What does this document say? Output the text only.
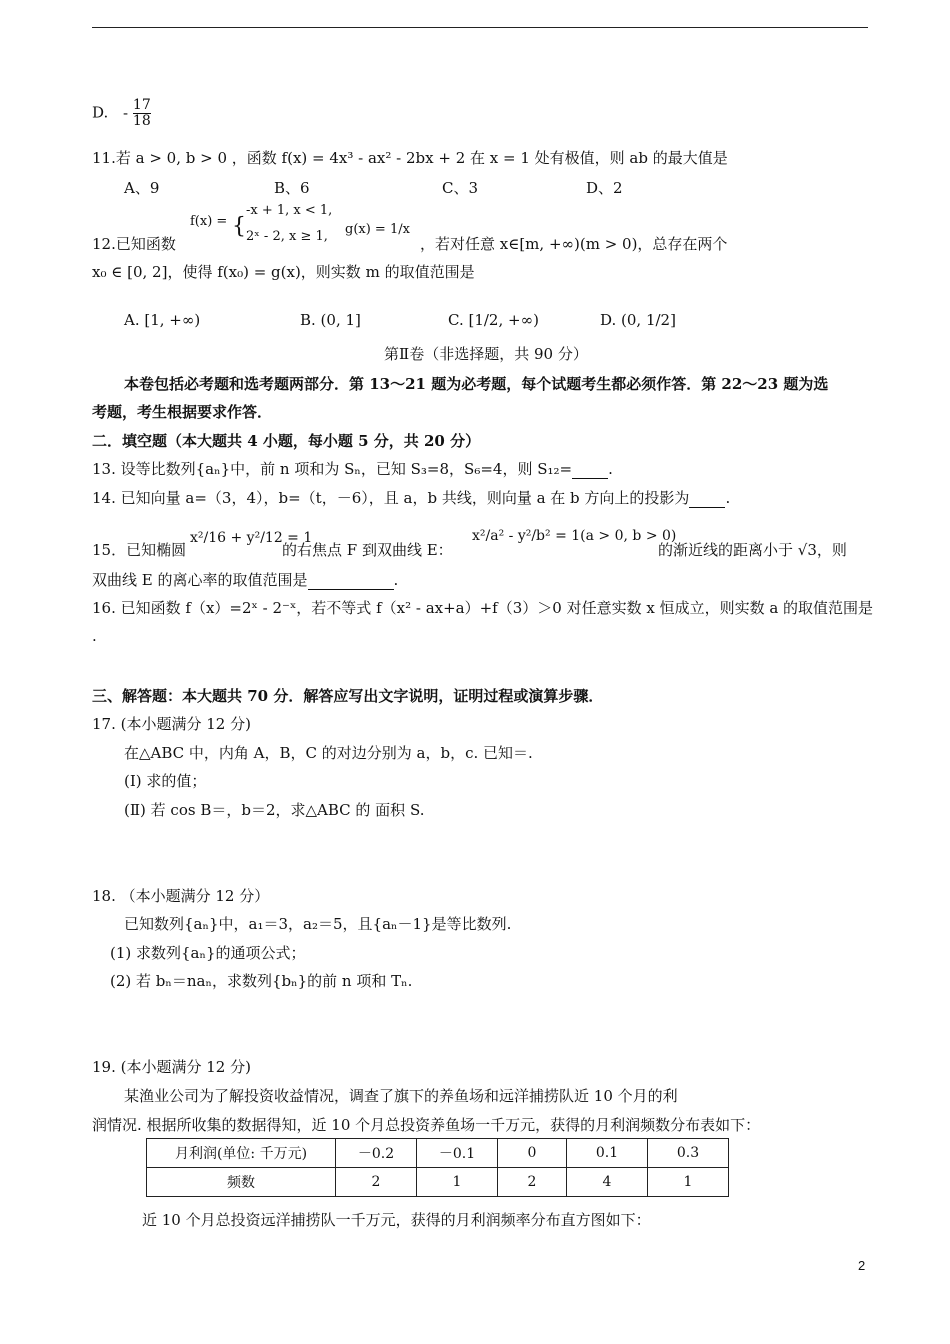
D. - $\frac{17}{18}$
11.若 a > 0, b > 0 ，函数 f(x) = 4x³ - ax² - 2bx + 2 在 x = 1 处有极值，则 ab 的最大值是
A、9	B、6	C、3	D、2
f(x) = {
-x + 1, x < 1,
2ˣ - 2, x ≥ 1,
12.已知函数
g(x) = 1/x
，若对任意 x∈[m, +∞)(m > 0)，总存在两个
x₀ ∈ [0, 2]，使得 f(x₀) = g(x)，则实数 m 的取值范围是
A. [1, +∞)	B. (0, 1]	C. [1/2, +∞)	D. (0, 1/2]
第Ⅱ卷（非选择题，共 90 分）
本卷包括必考题和选考题两部分．第 13～21 题为必考题，每个试题考生都必须作答．第 22～23 题为选
考题，考生根据要求作答．
二．填空题（本大题共 4 小题，每小题 5 分，共 20 分）
13. 设等比数列{aₙ}中，前 n 项和为 Sₙ，已知 S₃=8，S₆=4，则 S₁₂= .
14. 已知向量 a=（3，4），b=（t，－6），且 a，b 共线，则向量 a 在 b 方向上的投影为 .
15．已知椭圆
x²/16 + y²/12 = 1
的右焦点 F 到双曲线 E：
x²/a² - y²/b² = 1(a > 0, b > 0)
的渐近线的距离小于 √3，则
双曲线 E 的离心率的取值范围是	.
16. 已知函数 f（x）=2ˣ - 2⁻ˣ，若不等式 f（x² - ax+a）+f（3）＞0 对任意实数 x 恒成立，则实数 a 的取值范围是
.
三、解答题：本大题共 70 分．解答应写出文字说明，证明过程或演算步骤．
17. (本小题满分 12 分)
在△ABC 中，内角 A，B，C 的对边分别为 a，b，c. 已知＝.
(Ⅰ) 求的值；
(Ⅱ) 若 cos B＝，b＝2，求△ABC 的 面积 S.
18. （本小题满分 12 分）
已知数列{aₙ}中，a₁＝3，a₂＝5，且{aₙ－1}是等比数列.
(1) 求数列{aₙ}的通项公式；
(2) 若 bₙ＝naₙ，求数列{bₙ}的前 n 项和 Tₙ.
19. (本小题满分 12 分)
某渔业公司为了解投资收益情况，调查了旗下的养鱼场和远洋捕捞队近 10 个月的利
润情况. 根据所收集的数据得知，近 10 个月总投资养鱼场一千万元，获得的月利润频数分布表如下：
月利润(单位: 千万元)	－0.2	－0.1	0	0.1	0.3
频数	2	1	2	4	1
近 10 个月总投资远洋捕捞队一千万元，获得的月利润频率分布直方图如下：
2
